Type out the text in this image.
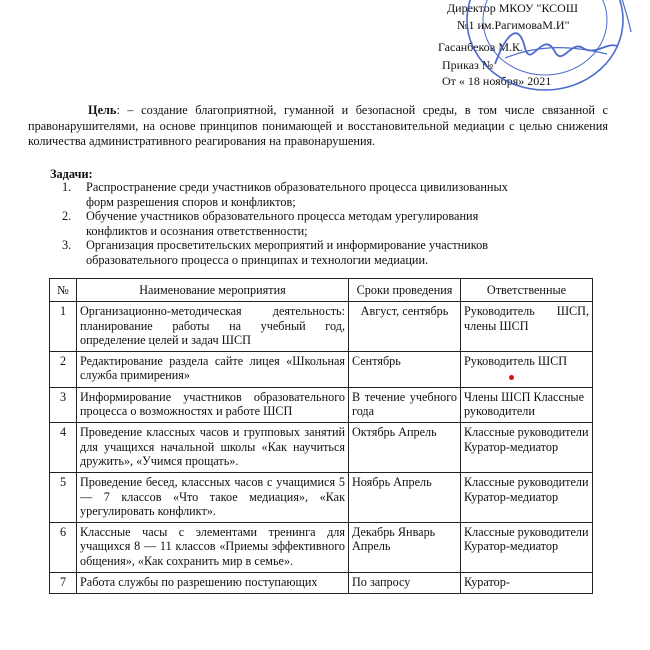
Директор МКОУ "КСОШ
№1 им.РагимоваМ.И"
Гасанбеков М.К.
Приказ №
От « 18 ноября» 2021
Цель: – создание благоприятной, гуманной и безопасной среды, в том числе связанной с правонарушителями, на основе принципов понимающей и восстановительной медиации с целью снижения количества административного реагирования на правонарушения.
Задачи:
1. Распространение среди участников образовательного процесса цивилизованных форм разрешения споров и конфликтов;
2. Обучение участников образовательного процесса методам урегулирования конфликтов и осознания ответственности;
3. Организация просветительских мероприятий и информирование участников образовательного процесса о принципах и технологии медиации.
№	Наименование мероприятия	Сроки проведения	Ответственные
1	Организационно-методическая деятельность: планирование работы на учебный год, определение целей и задач ШСП	Август, сентябрь	Руководитель ШСП, члены ШСП
2	Редактирование раздела сайте лицея «Школьная служба примирения»	Сентябрь	Руководитель ШСП
3	Информирование участников образовательного процесса о возможностях и работе ШСП	В течение учебного года	Члены ШСП Классные руководители
4	Проведение классных часов и групповых занятий для учащихся начальной школы «Как научиться дружить», «Учимся прощать».	Октябрь Апрель	Классные руководители Куратор-медиатор
5	Проведение бесед, классных часов с учащимися 5 — 7 классов «Что такое медиация», «Как урегулировать конфликт».	Ноябрь Апрель	Классные руководители Куратор-медиатор
6	Классные часы с элементами тренинга для учащихся 8 — 11 классов «Приемы эффективного общения», «Как сохранить мир в семье».	Декабрь Январь Апрель	Классные руководители Куратор-медиатор
7	Работа службы по разрешению поступающих	По запросу	Куратор-
